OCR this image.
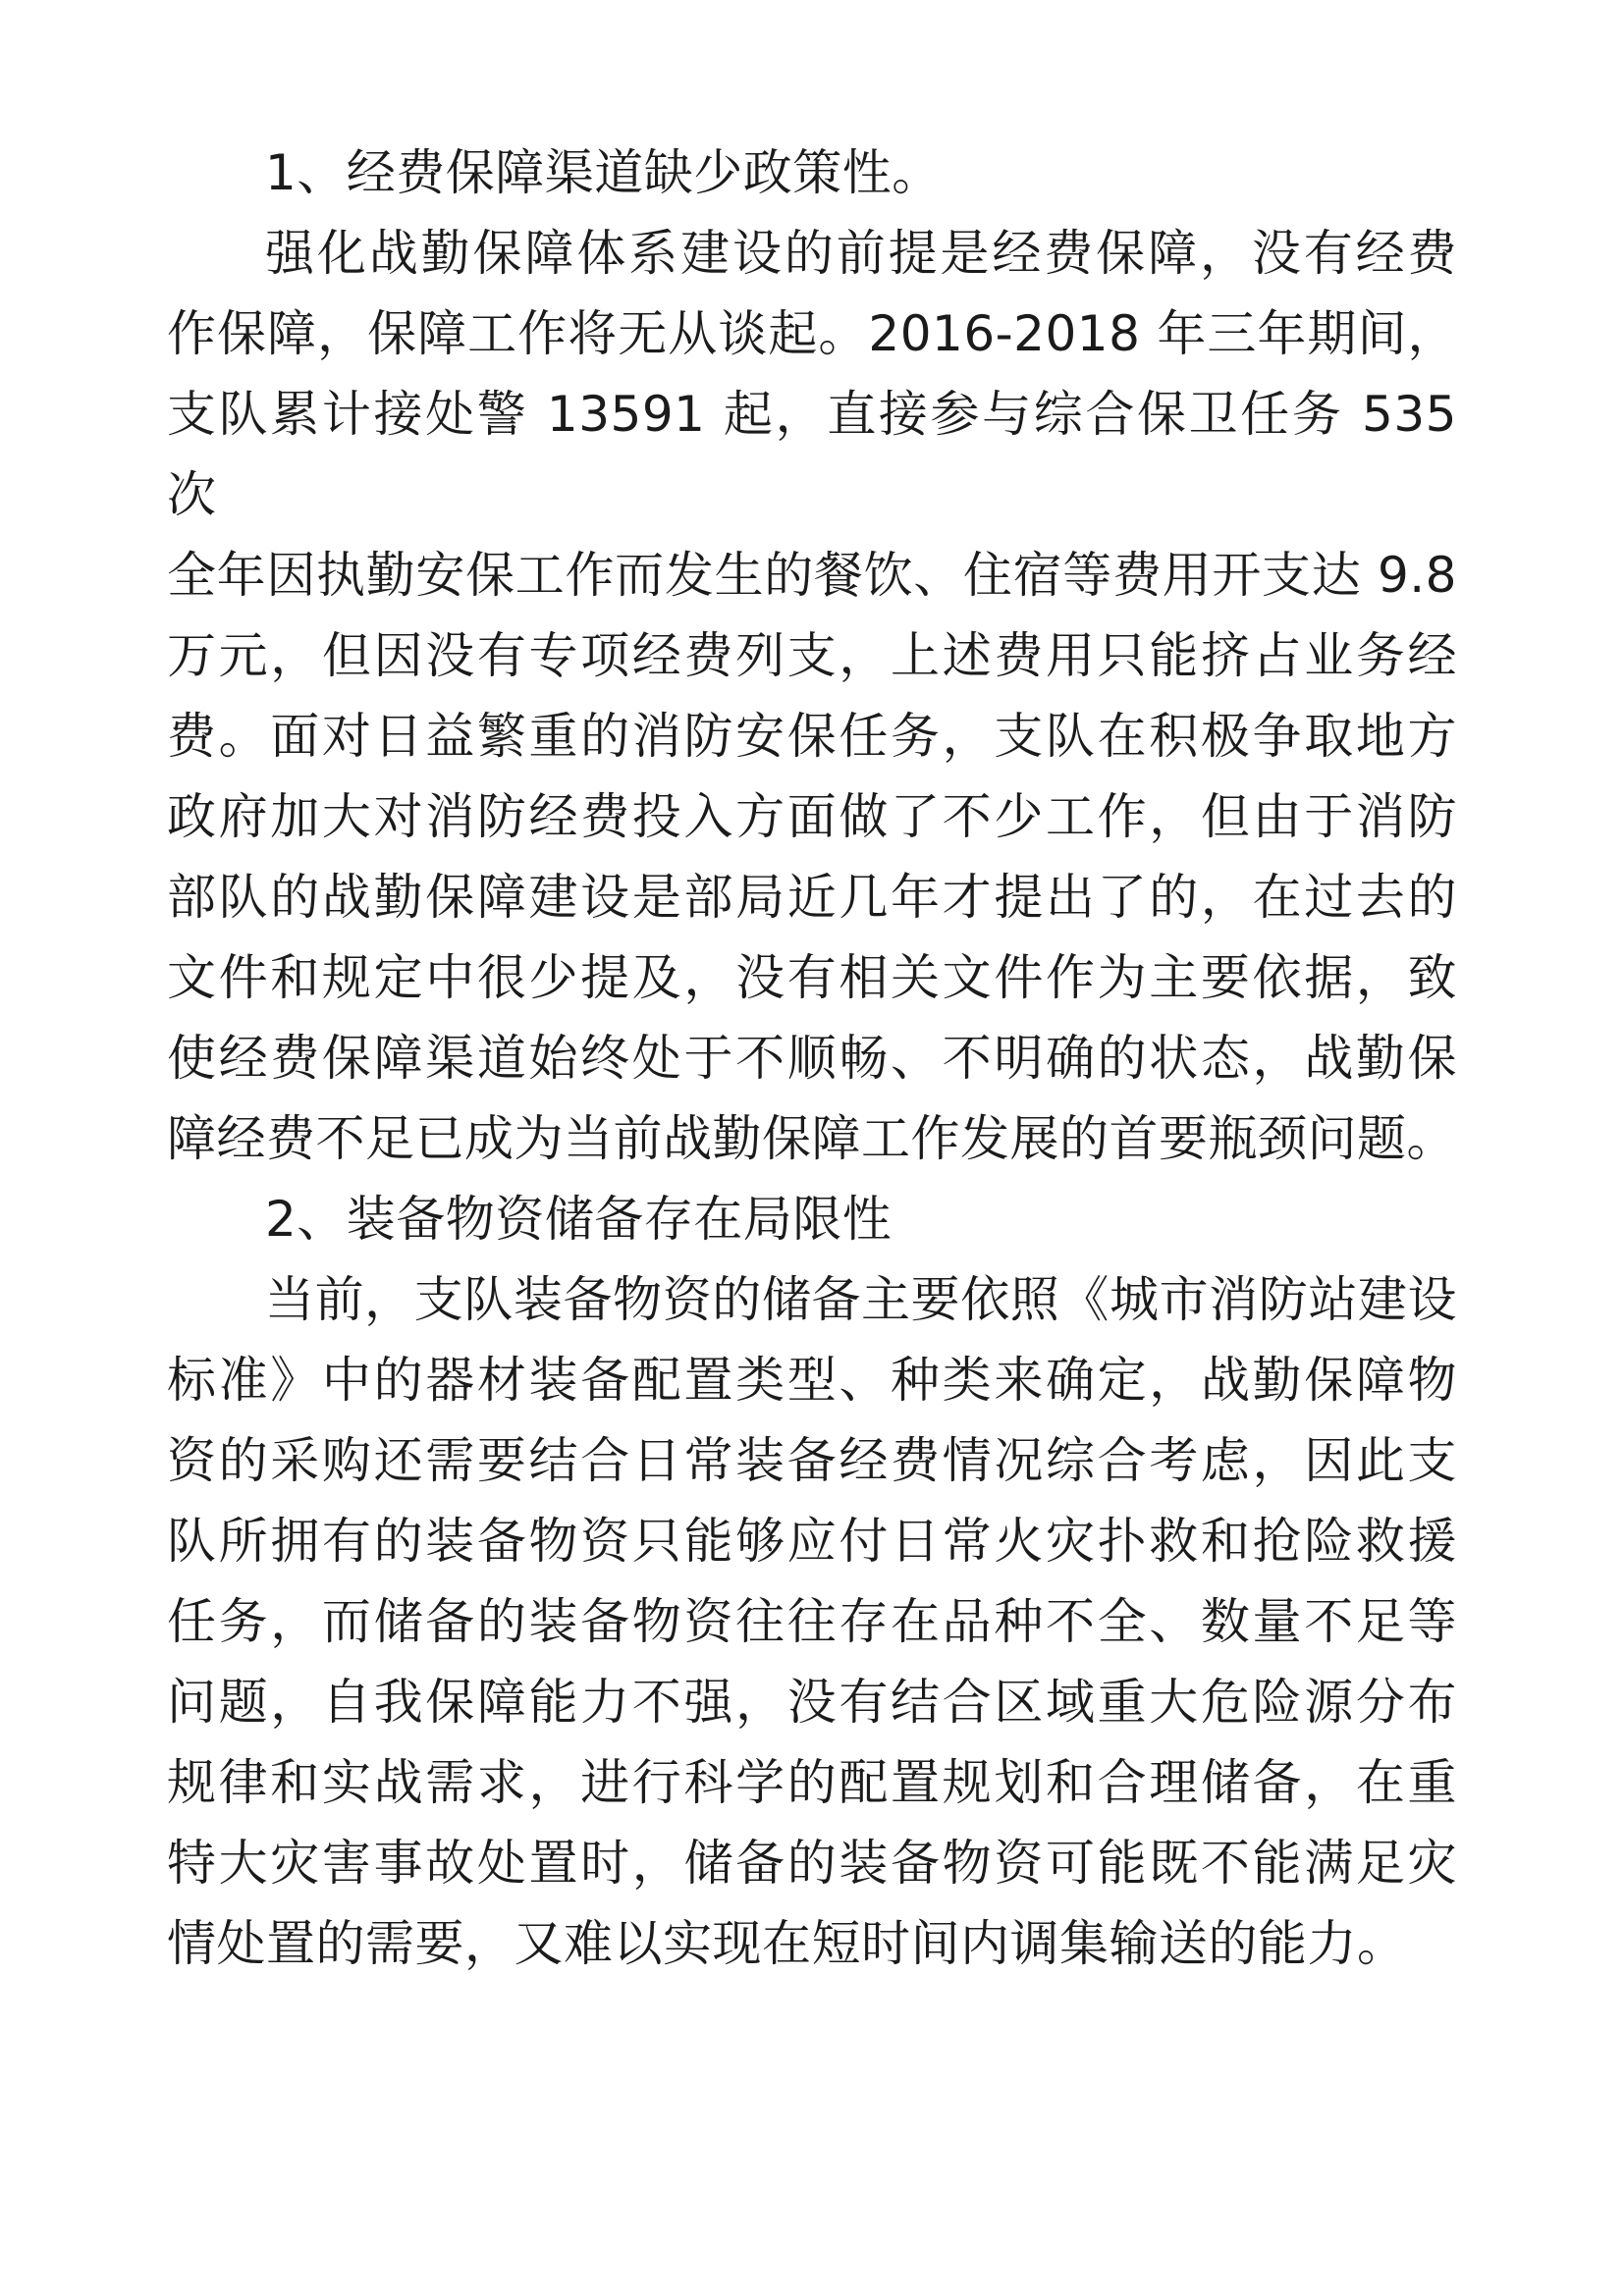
1、经费保障渠道缺少政策性。

强化战勤保障体系建设的前提是经费保障，没有经费

作保障，保障工作将无从谈起。2016-2018 年三年期间，

支队累计接处警 13591 起，直接参与综合保卫任务 535 次

全年因执勤安保工作而发生的餐饮、住宿等费用开支达 9.8

万元，但因没有专项经费列支，上述费用只能挤占业务经

费。面对日益繁重的消防安保任务，支队在积极争取地方

政府加大对消防经费投入方面做了不少工作，但由于消防

部队的战勤保障建设是部局近几年才提出了的，在过去的

文件和规定中很少提及，没有相关文件作为主要依据，致

使经费保障渠道始终处于不顺畅、不明确的状态，战勤保

障经费不足已成为当前战勤保障工作发展的首要瓶颈问题。

2、装备物资储备存在局限性

当前，支队装备物资的储备主要依照《城市消防站建设

标准》中的器材装备配置类型、种类来确定，战勤保障物

资的采购还需要结合日常装备经费情况综合考虑，因此支

队所拥有的装备物资只能够应付日常火灾扑救和抢险救援

任务，而储备的装备物资往往存在品种不全、数量不足等

问题，自我保障能力不强，没有结合区域重大危险源分布

规律和实战需求，进行科学的配置规划和合理储备，在重

特大灾害事故处置时，储备的装备物资可能既不能满足灾

情处置的需要，又难以实现在短时间内调集输送的能力。
